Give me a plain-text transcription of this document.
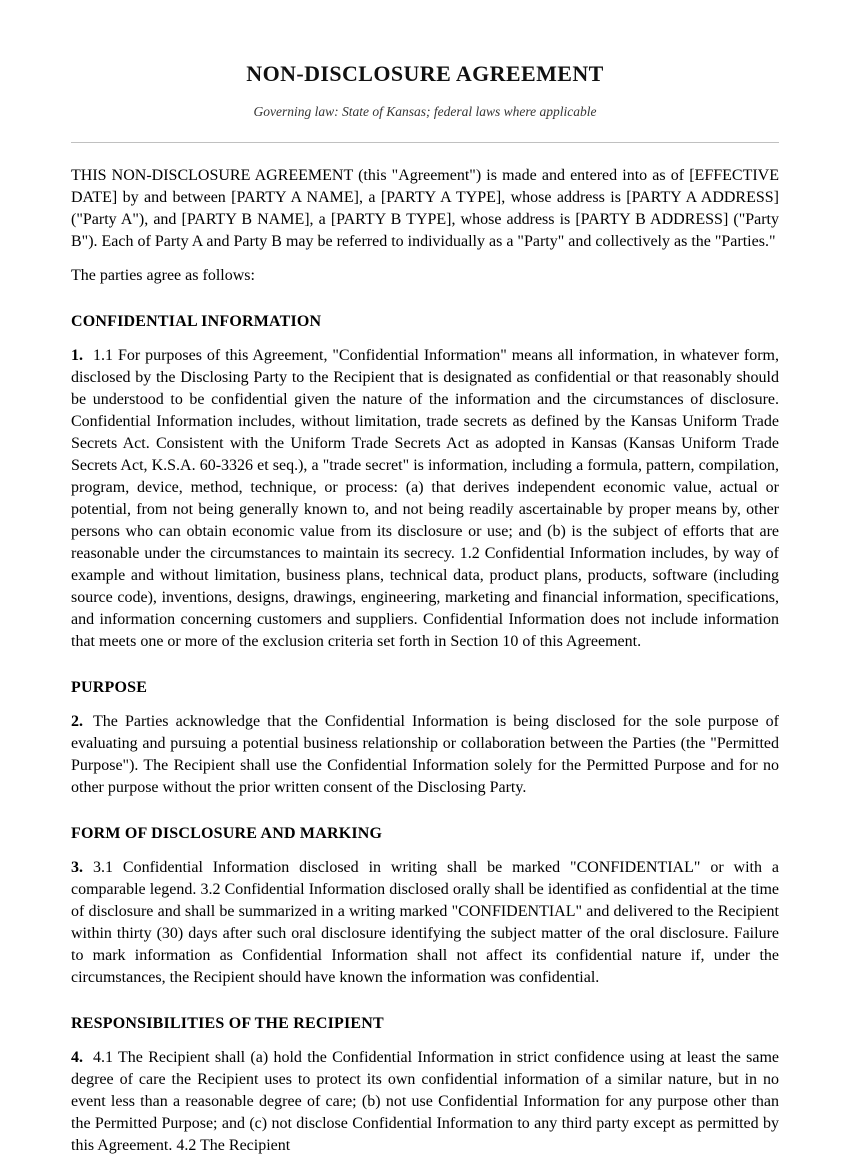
NON-DISCLOSURE AGREEMENT

Governing law: State of Kansas; federal laws where applicable

THIS NON-DISCLOSURE AGREEMENT (this "Agreement") is made and entered into as of [EFFECTIVE DATE] by and between [PARTY A NAME], a [PARTY A TYPE], whose address is [PARTY A ADDRESS] ("Party A"), and [PARTY B NAME], a [PARTY B TYPE], whose address is [PARTY B ADDRESS] ("Party B"). Each of Party A and Party B may be referred to individually as a "Party" and collectively as the "Parties."

The parties agree as follows:

CONFIDENTIAL INFORMATION

1. 1.1 For purposes of this Agreement, "Confidential Information" means all information, in whatever form, disclosed by the Disclosing Party to the Recipient that is designated as confidential or that reasonably should be understood to be confidential given the nature of the information and the circumstances of disclosure. Confidential Information includes, without limitation, trade secrets as defined by the Kansas Uniform Trade Secrets Act. Consistent with the Uniform Trade Secrets Act as adopted in Kansas (Kansas Uniform Trade Secrets Act, K.S.A. 60-3326 et seq.), a "trade secret" is information, including a formula, pattern, compilation, program, device, method, technique, or process: (a) that derives independent economic value, actual or potential, from not being generally known to, and not being readily ascertainable by proper means by, other persons who can obtain economic value from its disclosure or use; and (b) is the subject of efforts that are reasonable under the circumstances to maintain its secrecy. 1.2 Confidential Information includes, by way of example and without limitation, business plans, technical data, product plans, products, software (including source code), inventions, designs, drawings, engineering, marketing and financial information, specifications, and information concerning customers and suppliers. Confidential Information does not include information that meets one or more of the exclusion criteria set forth in Section 10 of this Agreement.

PURPOSE

2. The Parties acknowledge that the Confidential Information is being disclosed for the sole purpose of evaluating and pursuing a potential business relationship or collaboration between the Parties (the "Permitted Purpose"). The Recipient shall use the Confidential Information solely for the Permitted Purpose and for no other purpose without the prior written consent of the Disclosing Party.

FORM OF DISCLOSURE AND MARKING

3. 3.1 Confidential Information disclosed in writing shall be marked "CONFIDENTIAL" or with a comparable legend. 3.2 Confidential Information disclosed orally shall be identified as confidential at the time of disclosure and shall be summarized in a writing marked "CONFIDENTIAL" and delivered to the Recipient within thirty (30) days after such oral disclosure identifying the subject matter of the oral disclosure. Failure to mark information as Confidential Information shall not affect its confidential nature if, under the circumstances, the Recipient should have known the information was confidential.

RESPONSIBILITIES OF THE RECIPIENT

4. 4.1 The Recipient shall (a) hold the Confidential Information in strict confidence using at least the same degree of care the Recipient uses to protect its own confidential information of a similar nature, but in no event less than a reasonable degree of care; (b) not use Confidential Information for any purpose other than the Permitted Purpose; and (c) not disclose Confidential Information to any third party except as permitted by this Agreement. 4.2 The Recipient
